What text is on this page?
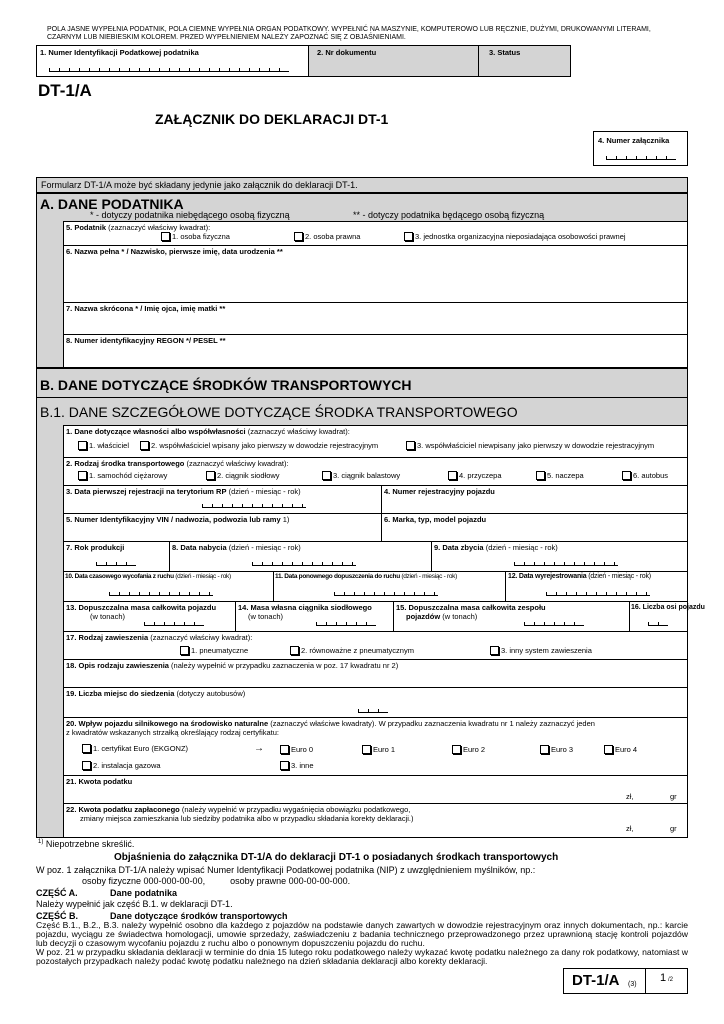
POLA JASNE WYPEŁNIA PODATNIK, POLA CIEMNE WYPEŁNIA ORGAN PODATKOWY. WYPEŁNIĆ NA MASZYNIE, KOMPUTEROWO LUB RĘCZNIE, DUŻYMI, DRUKOWANYMI LITERAMI, CZARNYM LUB NIEBIESKIM KOLOREM. PRZED WYPEŁNIENIEM NALEŻY ZAPOZNAĆ SIĘ Z OBJAŚNIENIAMI.
1. Numer Identyfikacji Podatkowej podatnika	2. Nr dokumentu	3. Status
DT-1/A
ZAŁĄCZNIK DO DEKLARACJI DT-1
4. Numer załącznika
Formularz DT-1/A może być składany jedynie jako załącznik do deklaracji DT-1.
A. DANE PODATNIKA
* - dotyczy podatnika niebędącego osobą fizyczną	** - dotyczy podatnika będącego osobą fizyczną
5. Podatnik (zaznaczyć właściwy kwadrat):
1. osoba fizyczna	2. osoba prawna	3. jednostka organizacyjna nieposiadająca osobowości prawnej
6. Nazwa pełna * / Nazwisko, pierwsze imię, data urodzenia **
7. Nazwa skrócona * / Imię ojca, imię matki **
8. Numer identyfikacyjny REGON */ PESEL **
B. DANE DOTYCZĄCE ŚRODKÓW TRANSPORTOWYCH
B.1. DANE SZCZEGÓŁOWE DOTYCZĄCE ŚRODKA TRANSPORTOWEGO
1. Dane dotyczące własności albo współwłasności (zaznaczyć właściwy kwadrat):
1. właściciel	2. współwłaściciel wpisany jako pierwszy w dowodzie rejestracyjnym	3. współwłaściciel niewpisany jako pierwszy w dowodzie rejestracyjnym
2. Rodzaj środka transportowego (zaznaczyć właściwy kwadrat):
1. samochód ciężarowy	2. ciągnik siodłowy	3. ciągnik balastowy	4. przyczepa	5. naczepa	6. autobus
3. Data pierwszej rejestracji na terytorium RP (dzień - miesiąc - rok)	4. Numer rejestracyjny pojazdu
5. Numer Identyfikacyjny VIN / nadwozia, podwozia lub ramy 1)	6. Marka, typ, model pojazdu
7. Rok produkcji	8. Data nabycia (dzień - miesiąc - rok)	9. Data zbycia (dzień - miesiąc - rok)
10. Data czasowego wycofania z ruchu (dzień - miesiąc - rok)	11. Data ponownego dopuszczenia do ruchu (dzień - miesiąc - rok)	12. Data wyrejestrowania (dzień - miesiąc - rok)
13. Dopuszczalna masa całkowita pojazdu
(w tonach)
14. Masa własna ciągnika siodłowego
(w tonach)
15. Dopuszczalna masa całkowita zespołu
pojazdów (w tonach)
16. Liczba osi pojazdu
17. Rodzaj zawieszenia (zaznaczyć właściwy kwadrat):
1. pneumatyczne	2. równoważne z pneumatycznym	3. inny system zawieszenia
18. Opis rodzaju zawieszenia (należy wypełnić w przypadku zaznaczenia w poz. 17 kwadratu nr 2)
19. Liczba miejsc do siedzenia (dotyczy autobusów)
20. Wpływ pojazdu silnikowego na środowisko naturalne (zaznaczyć właściwe kwadraty). W przypadku zaznaczenia kwadratu nr 1 należy zaznaczyć jeden
z kwadratów wskazanych strzałką określający rodzaj certyfikatu:
1. certyfikat Euro (EKGONZ)	→	Euro 0	Euro 1	Euro 2	Euro 3	Euro 4
2. instalacja gazowa	3. inne
21. Kwota podatku
zł,	gr
22. Kwota podatku zapłaconego (należy wypełnić w przypadku wygaśnięcia obowiązku podatkowego,
zmiany miejsca zamieszkania lub siedziby podatnika albo w przypadku składania korekty deklaracji.)
zł,	gr
$^{1)}$ Niepotrzebne skreślić.
Objaśnienia do załącznika DT-1/A do deklaracji DT-1 o posiadanych środkach transportowych
W poz. 1 załącznika DT-1/A należy wpisać Numer Identyfikacji Podatkowej podatnika (NIP) z uwzględnieniem myślników, np.:
osoby fizyczne 000-000-00-00,          osoby prawne 000-00-00-000.
CZĘŚĆ A.	Dane podatnika
Należy wypełnić jak część B.1. w deklaracji DT-1.
CZĘŚĆ B.	Dane dotyczące środków transportowych
Część B.1., B.2., B.3. należy wypełnić osobno dla każdego z pojazdów na podstawie danych zawartych w dowodzie rejestracyjnym oraz innych dokumentach, np.: karcie pojazdu, wyciągu ze świadectwa homologacji, umowie sprzedaży, zaświadczeniu z badania technicznego przeprowadzonego przez uprawnioną stację kontroli pojazdów lub decyzji o czasowym wycofaniu pojazdu z ruchu albo o ponownym dopuszczeniu pojazdu do ruchu.
W poz. 21 w przypadku składania deklaracji w terminie do dnia 15 lutego roku podatkowego należy wykazać kwotę podatku należnego za dany rok podatkowy, natomiast w pozostałych przypadkach należy podać kwotę podatku należnego na dzień składania deklaracji albo korekty deklaracji.
DT-1/A (3)
1 /2
